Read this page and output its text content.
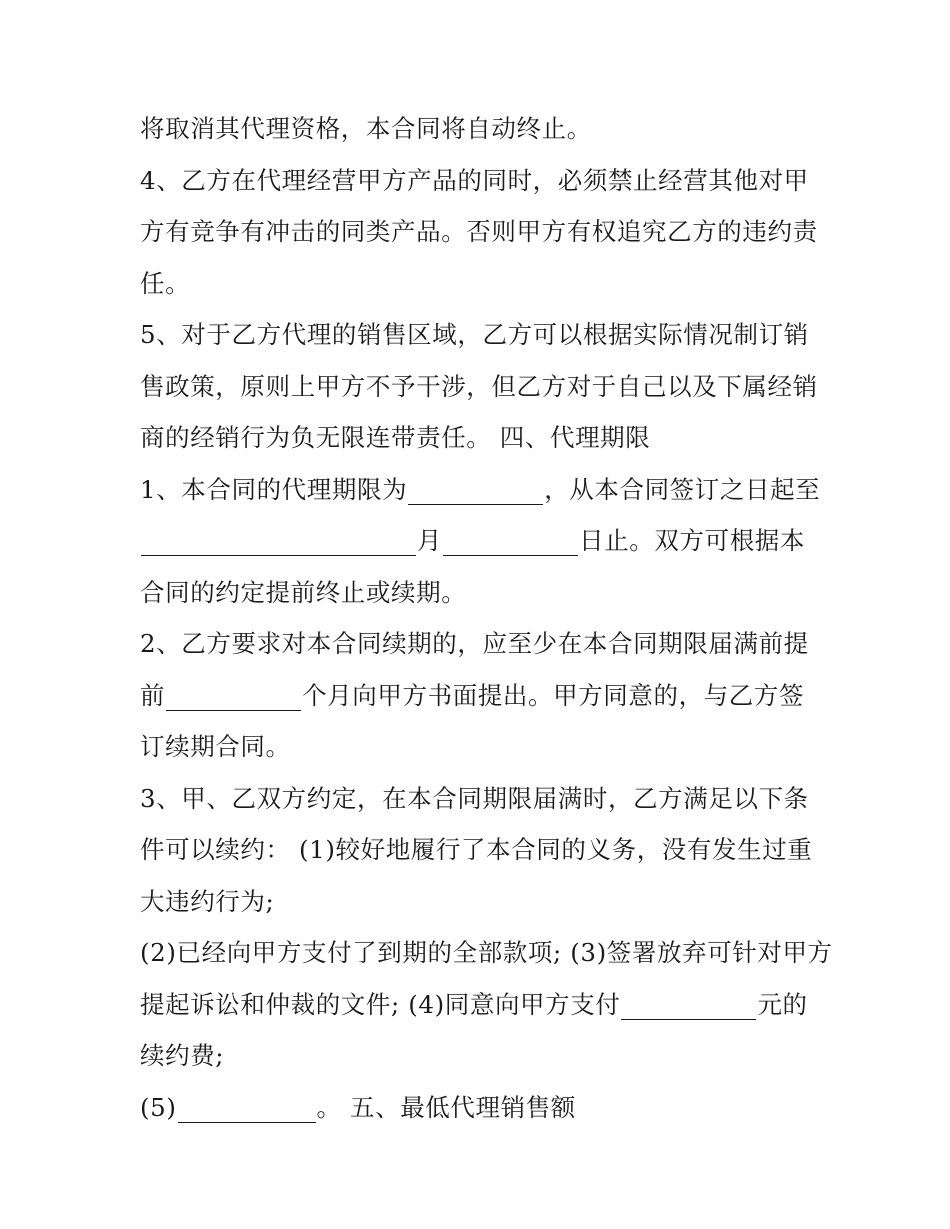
将取消其代理资格，本合同将自动终止。
4、乙方在代理经营甲方产品的同时，必须禁止经营其他对甲
方有竞争有冲击的同类产品。否则甲方有权追究乙方的违约责
任。
5、对于乙方代理的销售区域，乙方可以根据实际情况制订销
售政策，原则上甲方不予干涉，但乙方对于自己以及下属经销
商的经销行为负无限连带责任。 四、代理期限
1、本合同的代理期限为	，从本合同签订之日起至
月	日止。双方可根据本
合同的约定提前终止或续期。
2、乙方要求对本合同续期的，应至少在本合同期限届满前提
前	个月向甲方书面提出。甲方同意的，与乙方签
订续期合同。
3、甲、乙双方约定，在本合同期限届满时，乙方满足以下条
件可以续约： (1)较好地履行了本合同的义务，没有发生过重
大违约行为;
(2)已经向甲方支付了到期的全部款项; (3)签署放弃可针对甲方
提起诉讼和仲裁的文件; (4)同意向甲方支付	元的
续约费;
(5)	。 五、最低代理销售额
